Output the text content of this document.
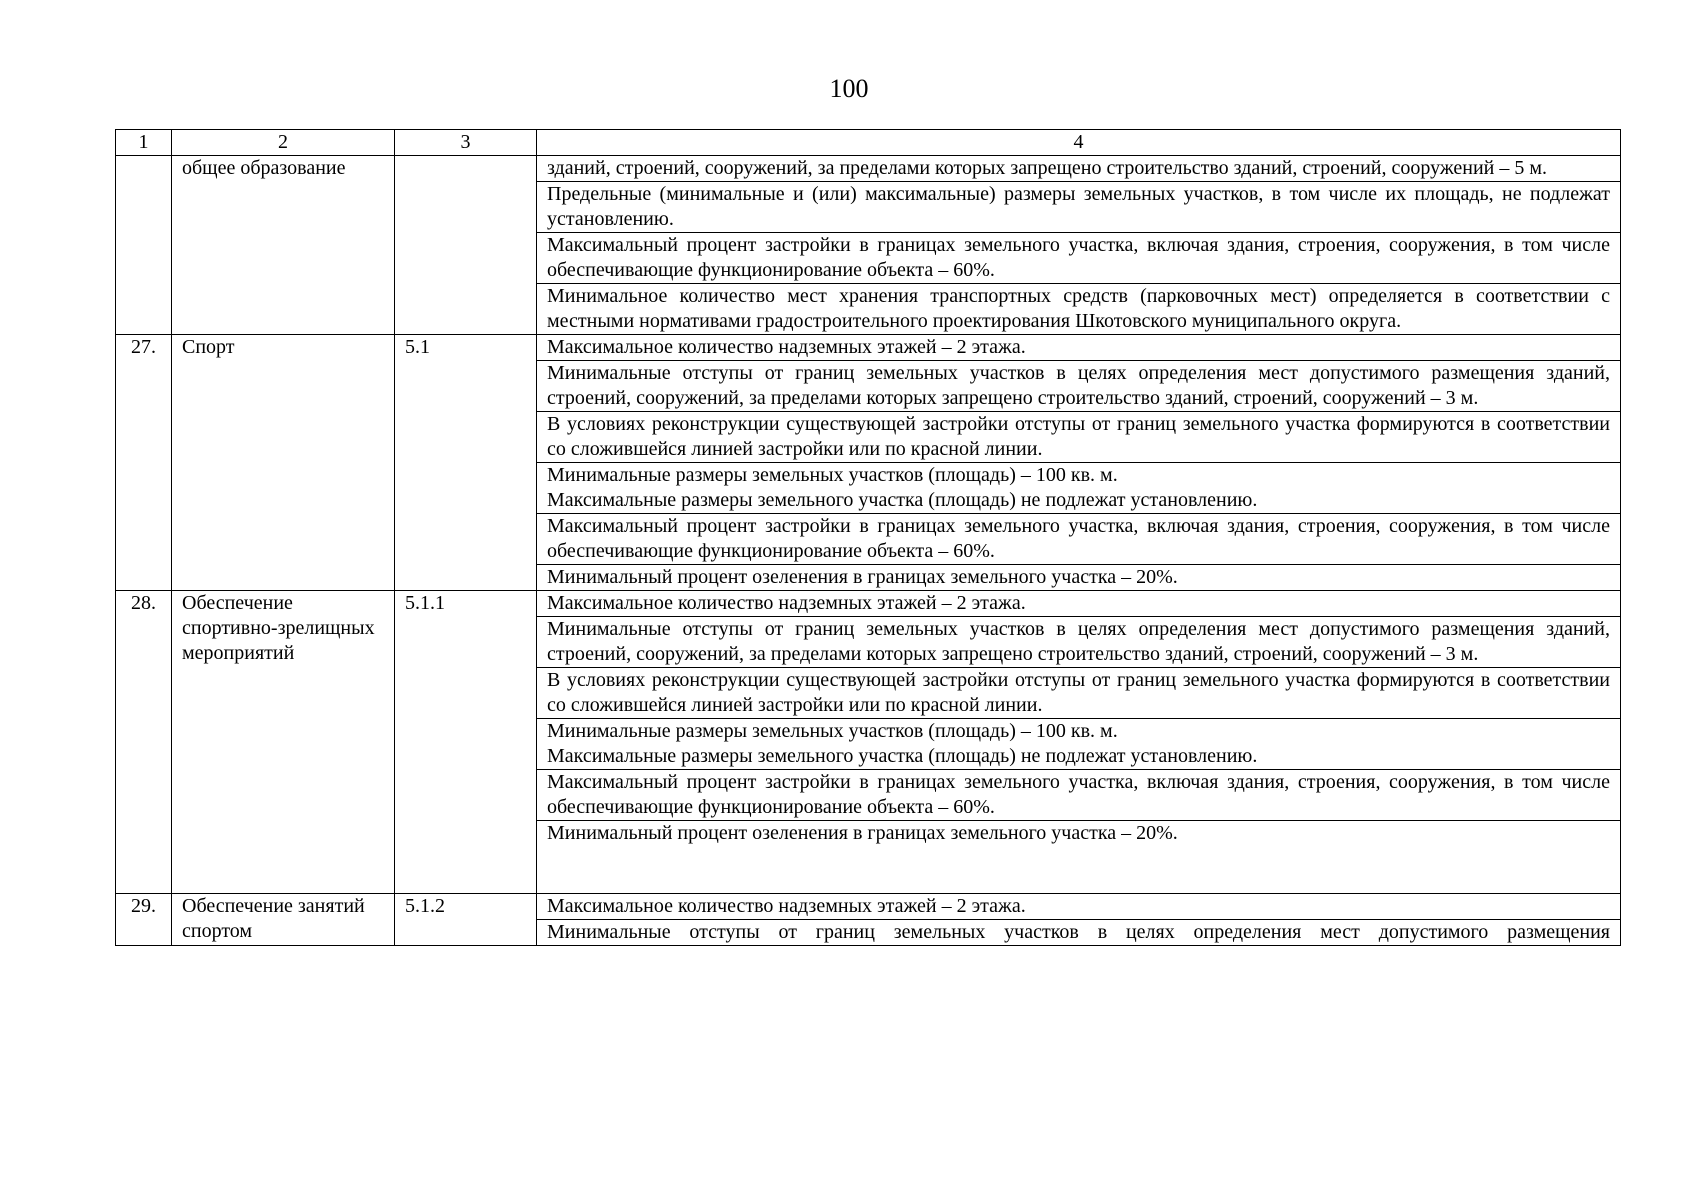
100
1	2	3	4
	общее образование		зданий, строений, сооружений, за пределами которых запрещено строительство зданий, строений, сооружений – 5 м.
			Предельные (минимальные и (или) максимальные) размеры земельных участков, в том числе их площадь, не подлежат установлению.
			Максимальный процент застройки в границах земельного участка, включая здания, строения, сооружения, в том числе обеспечивающие функционирование объекта – 60%.
			Минимальное количество мест хранения транспортных средств (парковочных мест) определяется в соответствии с местными нормативами градостроительного проектирования Шкотовского муниципального округа.
27.	Спорт	5.1	Максимальное количество надземных этажей – 2 этажа.
			Минимальные отступы от границ земельных участков в целях определения мест допустимого размещения зданий, строений, сооружений, за пределами которых запрещено строительство зданий, строений, сооружений – 3 м.
			В условиях реконструкции существующей застройки отступы от границ земельного участка формируются в соответствии со сложившейся линией застройки или по красной линии.

			Минимальные размеры земельных участков (площадь) – 100 кв. м.
Максимальные размеры земельного участка (площадь) не подлежат установлению.

			Максимальный процент застройки в границах земельного участка, включая здания, строения, сооружения, в том числе обеспечивающие функционирование объекта – 60%.
			Минимальный процент озеленения в границах земельного участка – 20%.
28.	Обеспечение спортивно-зрелищных мероприятий	5.1.1	Максимальное количество надземных этажей – 2 этажа.
			Минимальные отступы от границ земельных участков в целях определения мест допустимого размещения зданий, строений, сооружений, за пределами которых запрещено строительство зданий, строений, сооружений – 3 м.
			В условиях реконструкции существующей застройки отступы от границ земельного участка формируются в соответствии со сложившейся линией застройки или по красной линии.

			Минимальные размеры земельных участков (площадь) – 100 кв. м.
Максимальные размеры земельного участка (площадь) не подлежат установлению.

			Максимальный процент застройки в границах земельного участка, включая здания, строения, сооружения, в том числе обеспечивающие функционирование объекта – 60%.
			Минимальный процент озеленения в границах земельного участка – 20%.
29.	Обеспечение занятий спортом	5.1.2	Максимальное количество надземных этажей – 2 этажа.
			Минимальные отступы от границ земельных участков в целях определения мест допустимого размещения
